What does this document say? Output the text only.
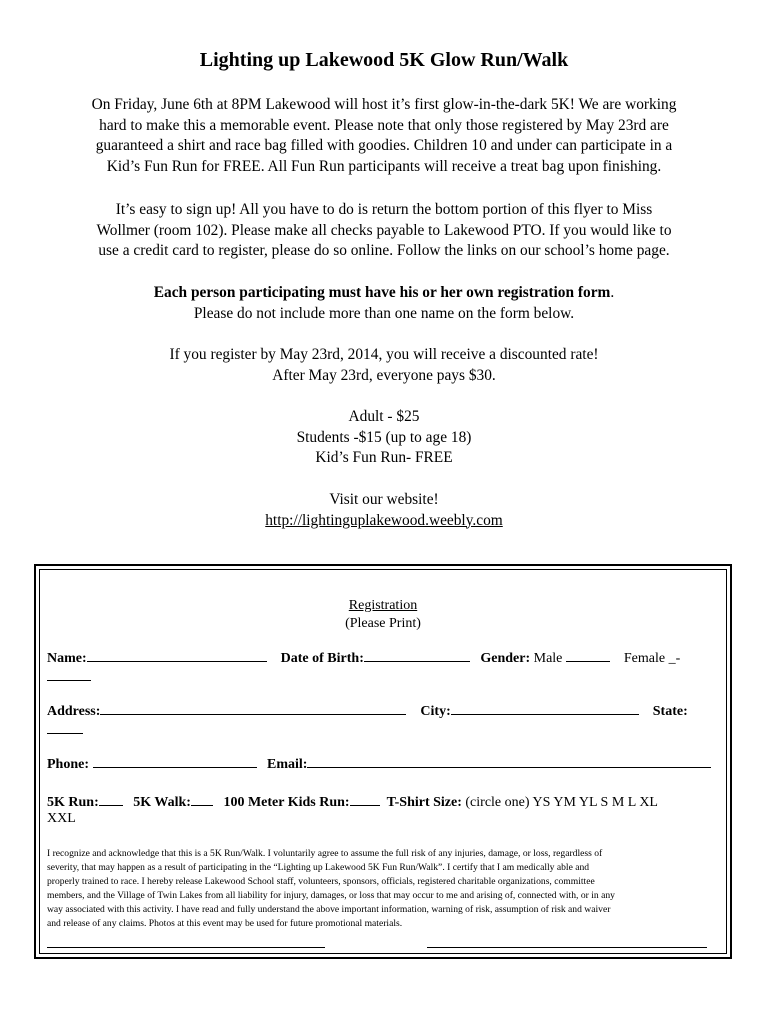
Lighting up Lakewood 5K Glow Run/Walk
On Friday, June 6th at 8PM Lakewood will host it’s first glow-in-the-dark 5K! We are working
hard to make this a memorable event. Please note that only those registered by May 23rd are
guaranteed a shirt and race bag filled with goodies. Children 10 and under can participate in a
Kid’s Fun Run for FREE. All Fun Run participants will receive a treat bag upon finishing.
It’s easy to sign up! All you have to do is return the bottom portion of this flyer to Miss
Wollmer (room 102). Please make all checks payable to Lakewood PTO. If you would like to
use a credit card to register, please do so online. Follow the links on our school’s home page.
Each person participating must have his or her own registration form.
Please do not include more than one name on the form below.
If you register by May 23rd, 2014, you will receive a discounted rate!
After May 23rd, everyone pays $30.
Adult - $25
Students -$15 (up to age 18)
Kid’s Fun Run- FREE
Visit our website!
http://lightinguplakewood.weebly.com
Registration
(Please Print)
Name:	Date of Birth:	Gender: Male	Female _-
Address:	City:	State:
Phone:	Email:
5K Run: 5K Walk: 100 Meter Kids Run:	T-Shirt Size: (circle one) YS YM YL S M L XL
XXL
I recognize and acknowledge that this is a 5K Run/Walk. I voluntarily agree to assume the full risk of any injuries, damage, or loss, regardless of
severity, that may happen as a result of participating in the “Lighting up Lakewood 5K Fun Run/Walk”. I certify that I am medically able and
properly trained to race. I hereby release Lakewood School staff, volunteers, sponsors, officials, registered charitable organizations, committee
members, and the Village of Twin Lakes from all liability for injury, damages, or loss that may occur to me and arising of, connected with, or in any
way associated with this activity. I have read and fully understand the above important information, warning of risk, assumption of risk and waiver
and release of any claims. Photos at this event may be used for future promotional materials.
